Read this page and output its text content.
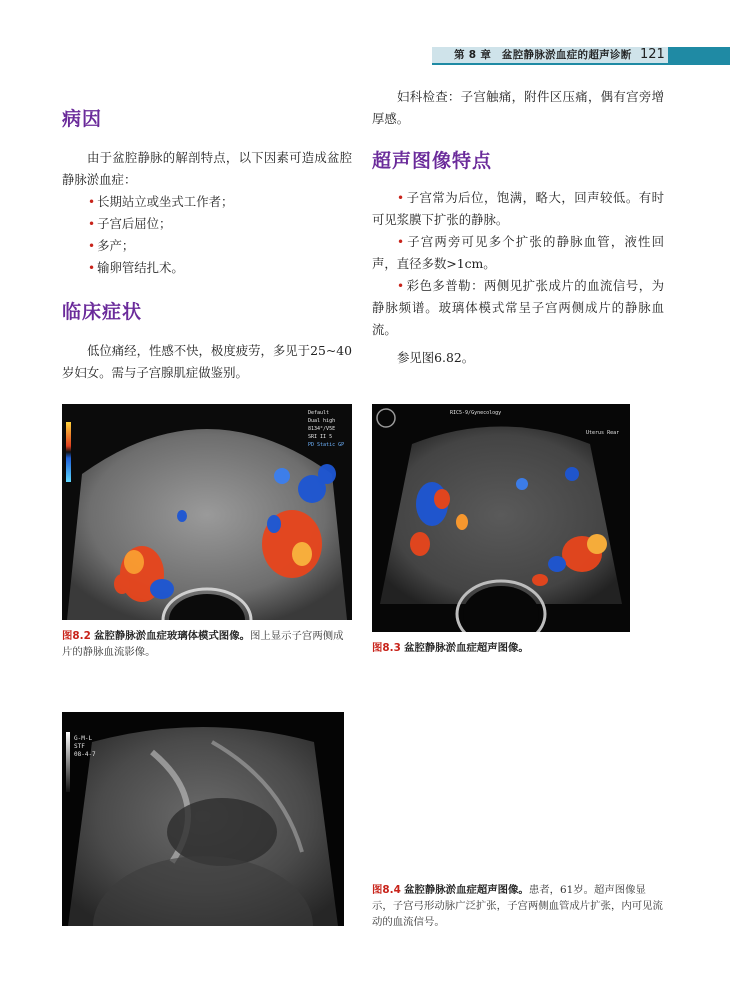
第 8 章　盆腔静脉淤血症的超声诊断 121
病因

由于盆腔静脉的解剖特点，以下因素可造成盆腔静脉淤血症：

• 长期站立或坐式工作者；
• 子宫后屈位；
• 多产；
• 输卵管结扎术。
临床症状

低位痛经，性感不快，极度疲劳，多见于25~40岁妇女。需与子宫腺肌症做鉴别。

妇科检查：子宫触痛，附件区压痛，偶有宫旁增厚感。

超声图像特点

• 子宫常为后位，饱满，略大，回声较低。有时可见浆膜下扩张的静脉。

• 子宫两旁可见多个扩张的静脉血管，液性回声，直径多数>1cm。

• 彩色多普勒：两侧见扩张成片的血流信号，为静脉频谱。玻璃体模式常呈子宫两侧成片的静脉血流。

参见图6.82。

Default
Dual high
8134°/V5E
SRI II 5
PD Static GP
图8.2 盆腔静脉淤血症玻璃体模式图像。图上显示子宫两侧成片的静脉血流影像。
RIC5-9/Gynecology
Uterus Rear
图8.3 盆腔静脉淤血症超声图像。
G-M-L
STF
08-4-7
图8.4 盆腔静脉淤血症超声图像。患者，61岁。超声图像显示，子宫弓形动脉广泛扩张，子宫两侧血管成片扩张，内可见流动的血流信号。
